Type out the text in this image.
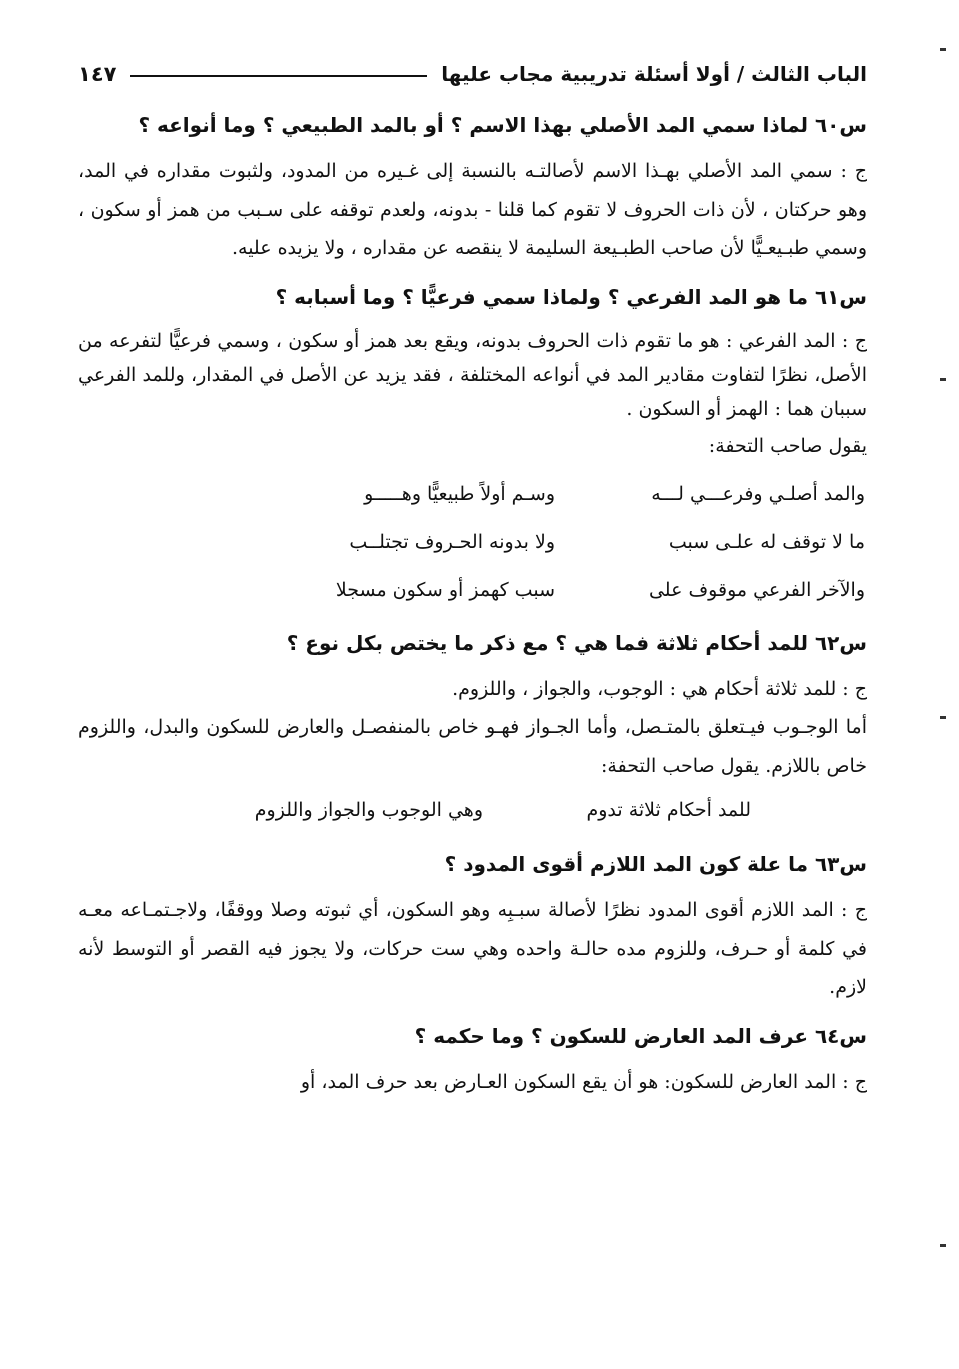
الباب الثالث / أولا أسئلة تدريبية مجاب عليها
١٤٧
س٦٠ لماذا سمي المد الأصلي بهذا الاسم ؟ أو بالمد الطبيعي ؟ وما أنواعه ؟

ج : سمي المد الأصلي بهـذا الاسم لأصالتـه بالنسبة إلى غـيره من المدود، ولثبوت مقداره في المد، وهو حركتان ، لأن ذات الحروف لا تقوم كما قلنا - بدونه، ولعدم توقفه على سـبب من همز أو سكون ، وسمي طبـيعـيًّا لأن صاحب الطبـيعة السليمة لا ينقصه عن مقداره ، ولا يزيده عليه.

س٦١ ما هو المد الفرعي ؟ ولماذا سمي فرعيًّا ؟ وما أسبابه ؟

ج : المد الفرعي : هو ما تقوم ذات الحروف بدونه، ويقع بعد همز أو سكون ، وسمي فرعيًّا لتفرعه من الأصل، نظرًا لتفاوت مقادير المد في أنواعه المختلفة ، فقد يزيد عن الأصل في المقدار، وللمد الفرعي سببان هما : الهمز أو السكون .

يقول صاحب التحفة:
والمد أصلـي وفرعـــي لـــه
وسـم أولاً طبيعيًّا وهـــــو
ما لا توقف له علـى سبب
ولا بدونه الحـروف تجتلــب
والآخر الفرعي موقوف على
سبب كهمز أو سكون مسجلا
س٦٢ للمد أحكام ثلاثة فما هي ؟ مع ذكر ما يختص بكل نوع ؟

ج : للمد ثلاثة أحكام هي : الوجوب، والجواز ، واللزوم.

أما الوجـوب فيـتعلق بالمتـصل، وأما الجـواز فهـو خاص بالمنفصـل والعارض للسكون والبدل، واللزوم خاص باللازم. يقول صاحب التحفة:

للمد أحكام ثلاثة تدوم
وهي الوجوب والجواز واللزوم
س٦٣ ما علة كون المد اللازم أقوى المدود ؟

ج : المد اللازم أقوى المدود نظرًا لأصالة سبـبِه وهو السكون، أي ثبوته وصلا ووقفًا، ولاجـتمـاعه معـه في كلمة أو حـرف، وللزوم مده حالـة واحده وهي ست حركات، ولا يجوز فيه القصر أو التوسط لأنه لازم.

س٦٤ عرف المد العارض للسكون ؟ وما حكمه ؟

ج : المد العارض للسكون: هو أن يقع السكون العـارض بعد حرف المد، أو
